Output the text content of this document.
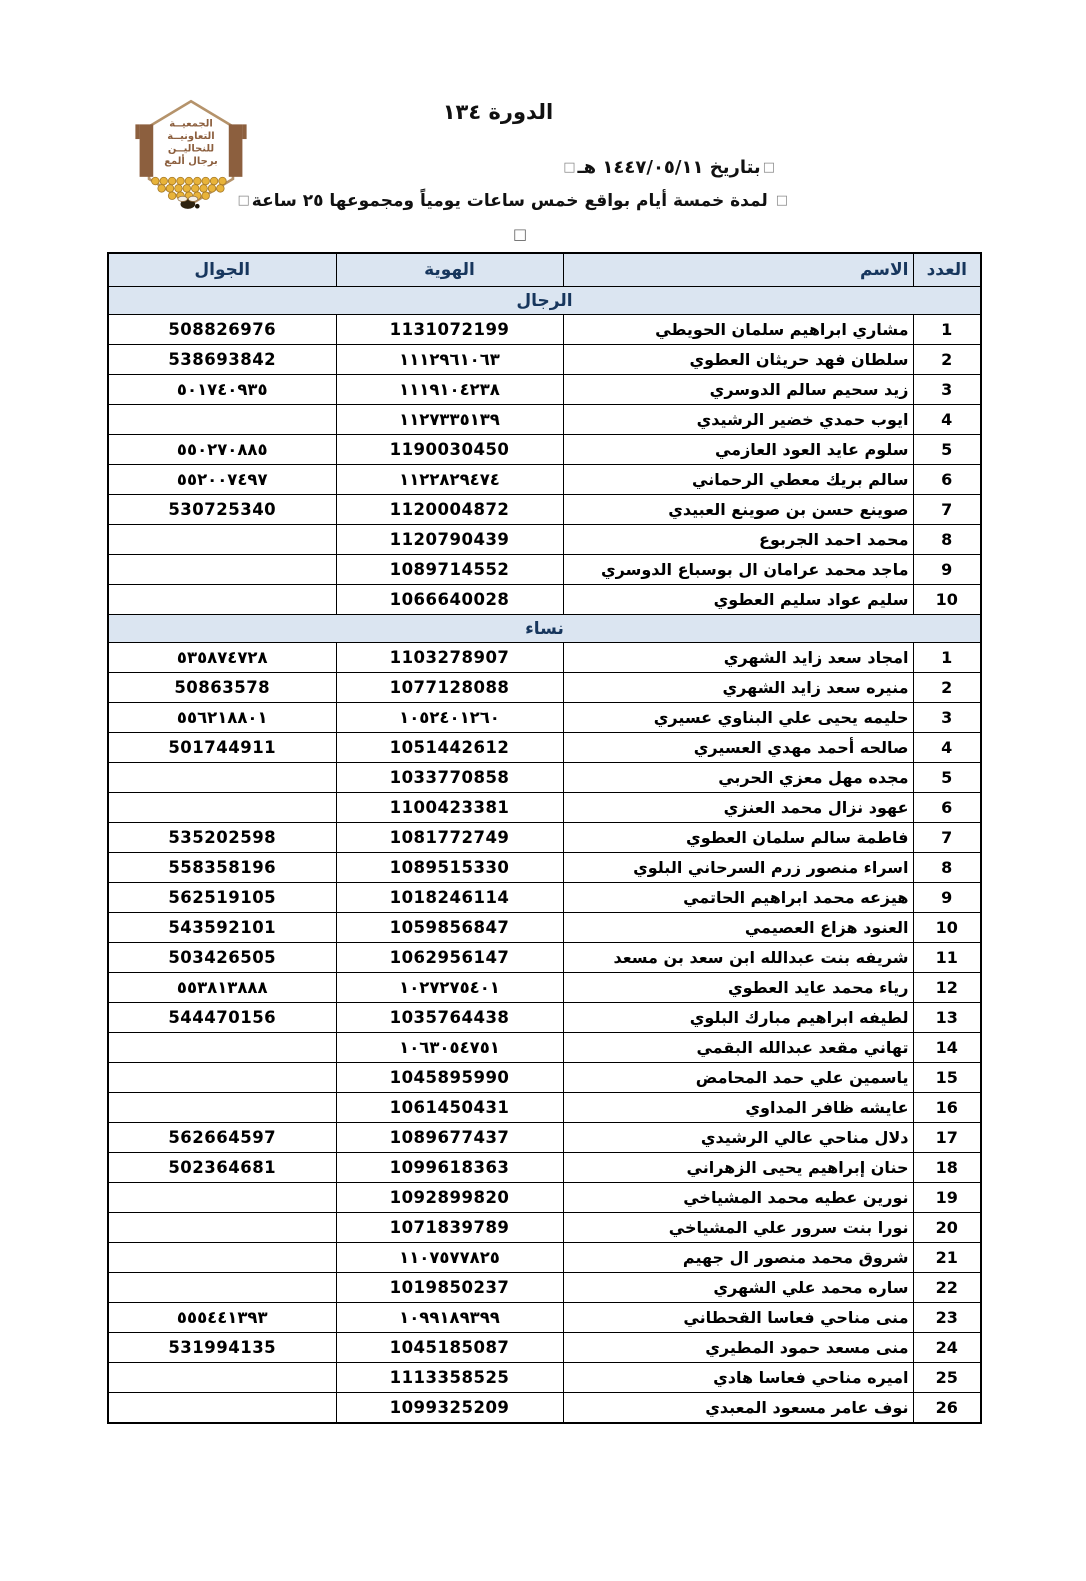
الدورة ١٣٤
الجمعيــة
التعاونيــة
للنحاليــن
برجال ألمع	□بتاريخ ١٤٤٧/٠٥/١١ هـ□
□ لمدة خمسة أيام بواقع خمس ساعات يومياً ومجموعها ٢٥ ساعة□
□
العدد	الاسم	الهوية	الجوال
الرجال			
1	مشاري ابراهيم سلمان الحويطي	1131072199	508826976
2	سلطان فهد حريثان العطوي	١١١٢٩٦١٠٦٣	538693842
3	زيد سحيم سالم الدوسري	١١١٩١٠٤٢٣٨	٥٠١٧٤٠٩٣٥
4	ايوب حمدي خضير الرشيدي	١١٢٧٣٣٥١٣٩	
5	سلوم عايد العود العازمي	1190030450	٥٥٠٢٧٠٨٨٥
6	سالم بريك معطي الرحماني	١١٢٢٨٢٩٤٧٤	٥٥٢٠٠٧٤٩٧
7	صوينع حسن بن صوينع العبيدي	1120004872	530725340
8	محمد احمد الجربوع	1120790439	
9	ماجد محمد عرامان ال بوسباع الدوسري	1089714552	
10	سليم عواد سليم العطوي	1066640028	
نساء			
1	امجاد سعد زايد الشهري	1103278907	٥٣٥٨٧٤٧٢٨
2	منيره سعد زايد الشهري	1077128088	50863578
3	حليمه يحيى علي البناوي عسيري	١٠٥٢٤٠١٢٦٠	٥٥٦٢١٨٨٠١
4	صالحه أحمد مهدي العسيري	1051442612	501744911
5	مجده مهل معزي الحربي	1033770858	
6	عهود نزال محمد العنزي	1100423381	
7	فاطمة سالم سلمان العطوي	1081772749	535202598
8	اسراء منصور زرم السرحاني البلوي	1089515330	558358196
9	هيزعه محمد ابراهيم الحاتمي	1018246114	562519105
10	العنود هزاع العصيمي	1059856847	543592101
11	شريفه بنت عبدالله ابن سعد بن مسعد	1062956147	503426505
12	رياء محمد عايد العطوي	١٠٢٧٢٧٥٤٠١	٥٥٣٨١٣٨٨٨
13	لطيفه ابراهيم مبارك البلوي	1035764438	544470156
14	تهاني مقعد عبدالله البقمي	١٠٦٣٠٥٤٧٥١	
15	ياسمين علي حمد المحامض	1045895990	
16	عايشه ظافر المداوي	1061450431	
17	دلال مناحي عالي الرشيدي	1089677437	562664597
18	حنان إبراهيم يحيى الزهراني	1099618363	502364681
19	نورين عطيه محمد المشياخي	1092899820	
20	نورا بنت سرور علي المشياخي	1071839789	
21	شروق محمد منصور ال جهيم	١١٠٧٥٧٧٨٢٥	
22	ساره محمد علي الشهري	1019850237	
23	منى مناحي فعاسا القحطاني	١٠٩٩١٨٩٣٩٩	٥٥٥٤٤١٣٩٣
24	منى مسعد حمود المطيري	1045185087	531994135
25	اميره مناحي فعاسا هادي	1113358525	
26	نوف عامر مسعود المعبدي	1099325209	
